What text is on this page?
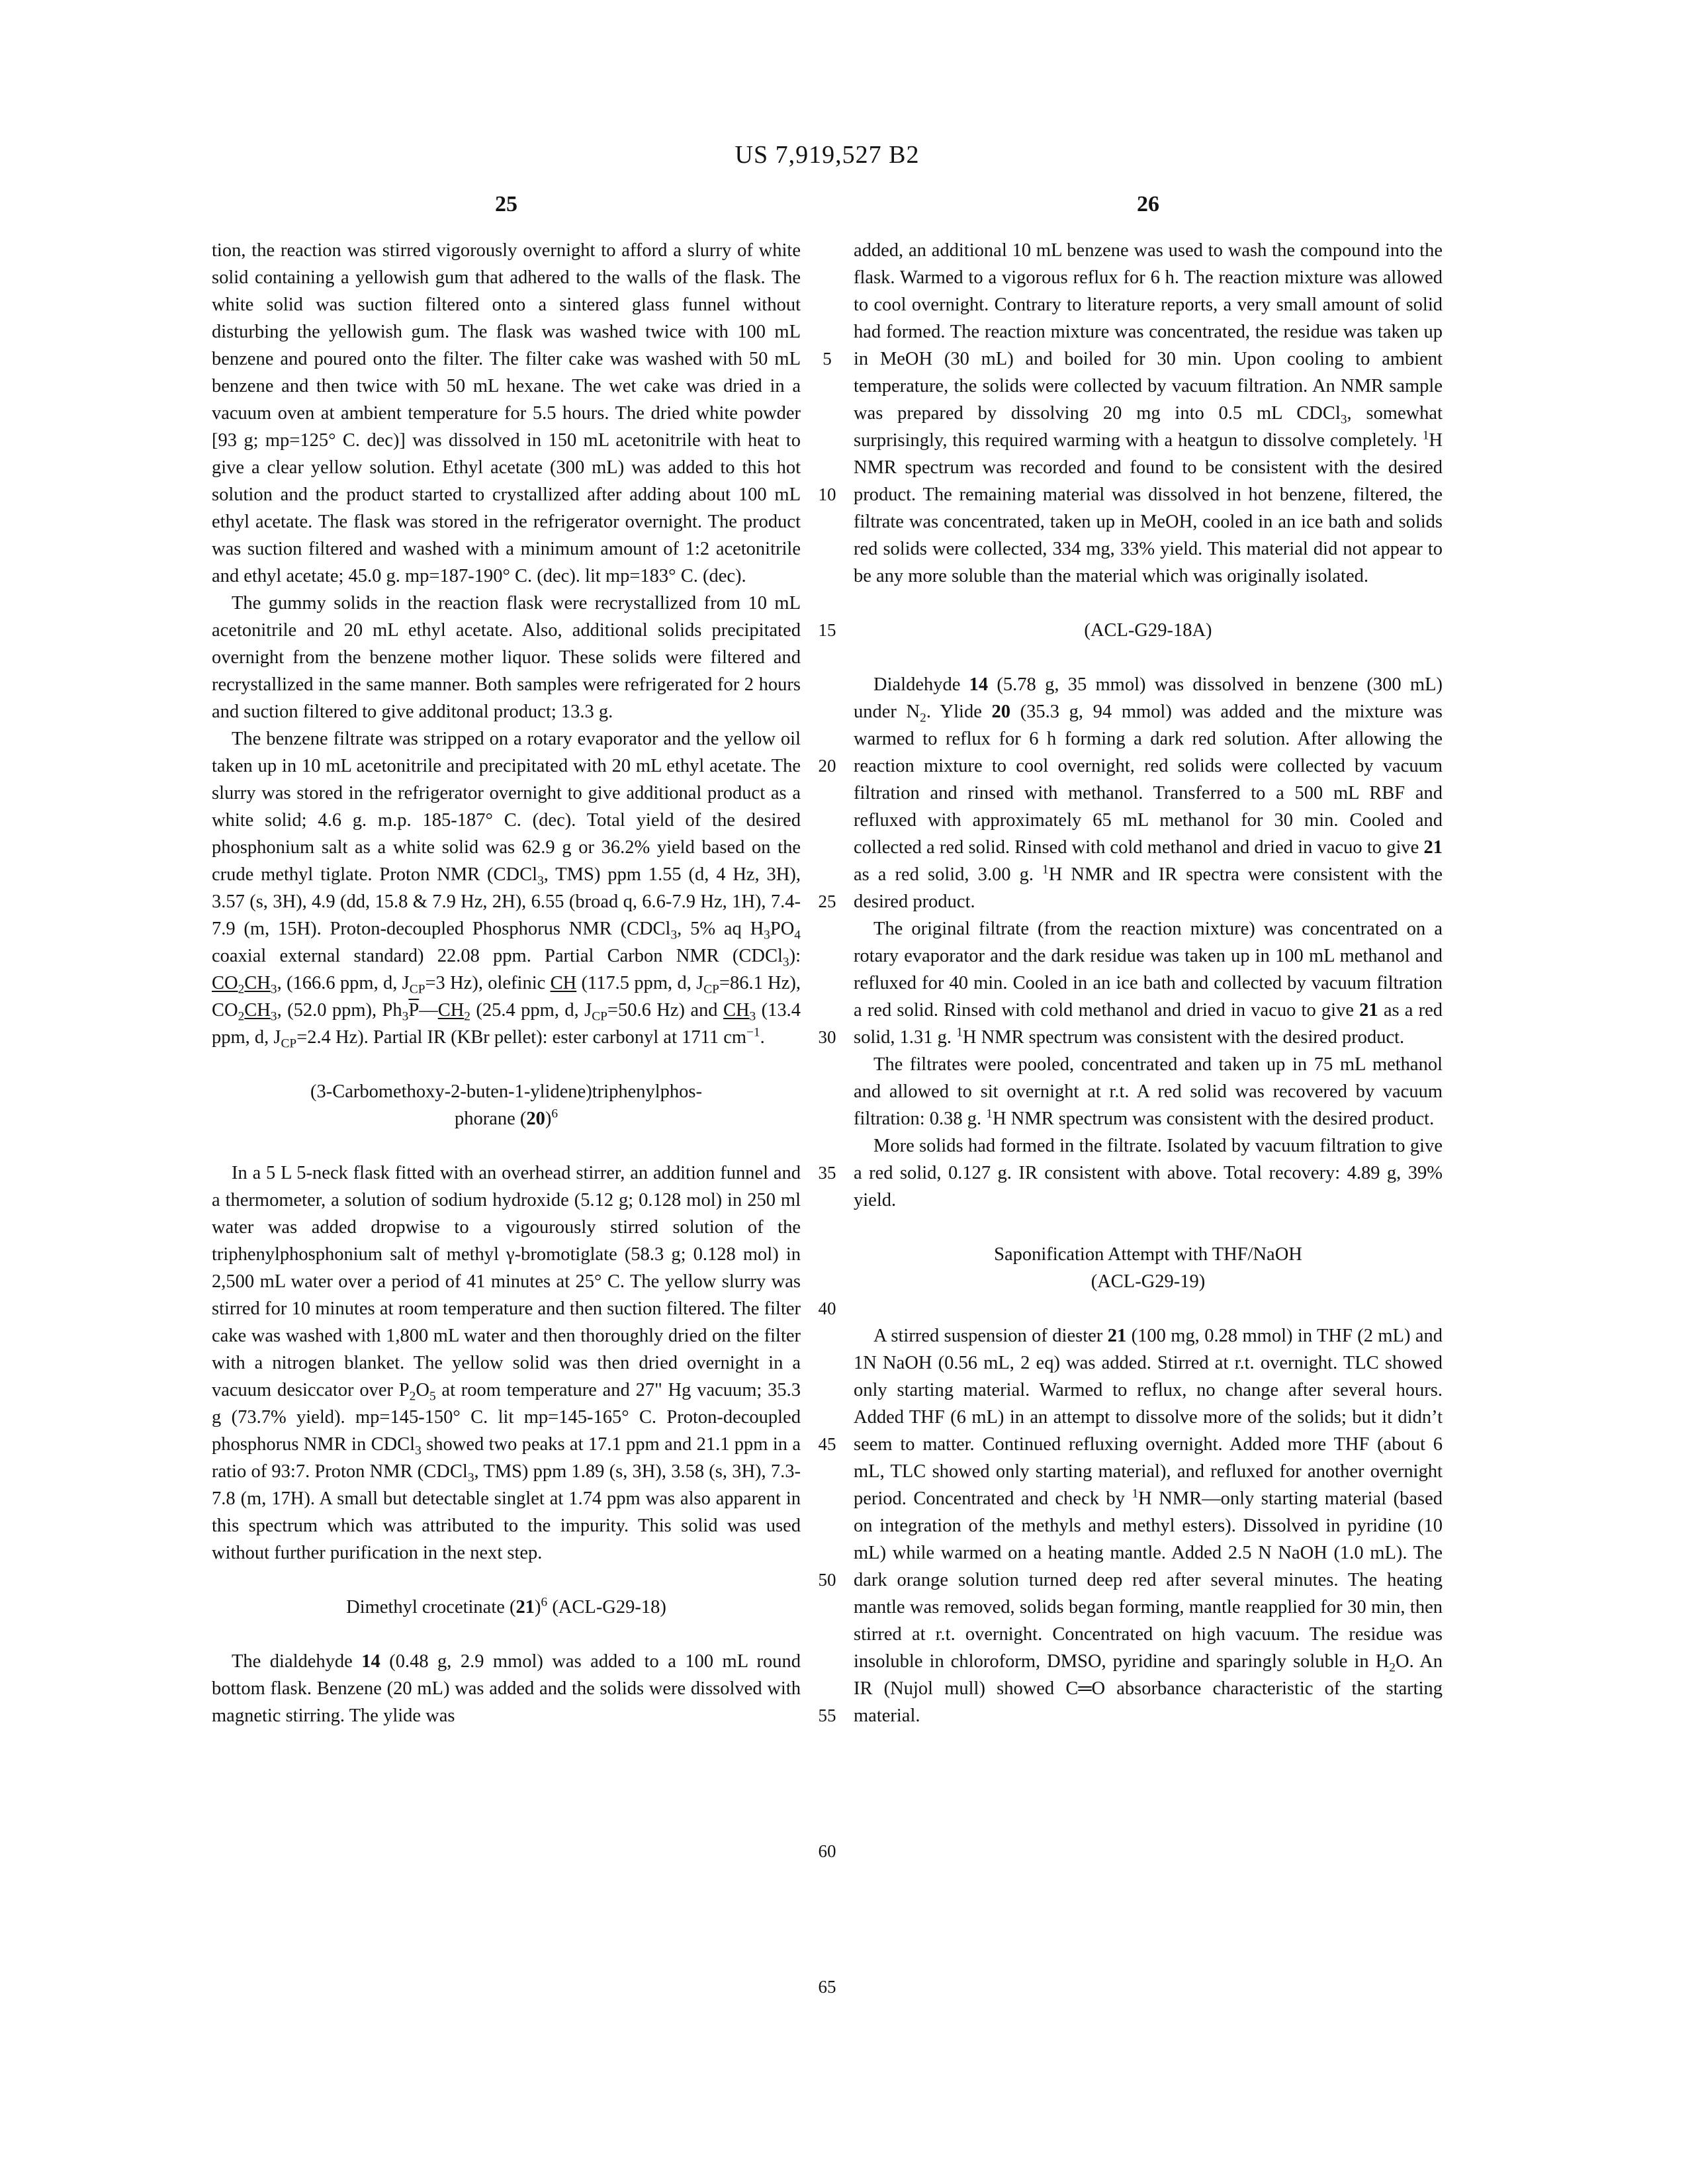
US 7,919,527 B2
25	26
tion, the reaction was stirred vigorously overnight to afford a slurry of white solid containing a yellowish gum that adhered to the walls of the flask. The white solid was suction filtered onto a sintered glass funnel without disturbing the yellowish gum. The flask was washed twice with 100 mL benzene and poured onto the filter. The filter cake was washed with 50 mL benzene and then twice with 50 mL hexane. The wet cake was dried in a vacuum oven at ambient temperature for 5.5 hours. The dried white powder [93 g; mp=125° C. dec)] was dissolved in 150 mL acetonitrile with heat to give a clear yellow solution. Ethyl acetate (300 mL) was added to this hot solution and the product started to crystallized after adding about 100 mL ethyl acetate. The flask was stored in the refrigerator overnight. The product was suction filtered and washed with a minimum amount of 1:2 acetonitrile and ethyl acetate; 45.0 g. mp=187-190° C. (dec). lit mp=183° C. (dec).
The gummy solids in the reaction flask were recrystallized from 10 mL acetonitrile and 20 mL ethyl acetate. Also, additional solids precipitated overnight from the benzene mother liquor. These solids were filtered and recrystallized in the same manner. Both samples were refrigerated for 2 hours and suction filtered to give additonal product; 13.3 g.
The benzene filtrate was stripped on a rotary evaporator and the yellow oil taken up in 10 mL acetonitrile and precipitated with 20 mL ethyl acetate. The slurry was stored in the refrigerator overnight to give additional product as a white solid; 4.6 g. m.p. 185-187° C. (dec). Total yield of the desired phosphonium salt as a white solid was 62.9 g or 36.2% yield based on the crude methyl tiglate. Proton NMR (CDCl$_3$, TMS) ppm 1.55 (d, 4 Hz, 3H), 3.57 (s, 3H), 4.9 (dd, 15.8 & 7.9 Hz, 2H), 6.55 (broad q, 6.6-7.9 Hz, 1H), 7.4-7.9 (m, 15H). Proton-decoupled Phosphorus NMR (CDCl$_3$, 5% aq $H_3PO_4$ coaxial external standard) 22.08 ppm. Partial Carbon NMR (CDCl$_3$): $CO_2CH_3$, (166.6 ppm, d, $J_{CP}=3$ Hz), olefinic CH (117.5 ppm, d, $J_{CP}=86.1$ Hz), $CO_2CH_3$, (52.0 ppm), $Ph_3\overline{P}—CH_2$ (25.4 ppm, d, $J_{CP}=50.6$ Hz) and $CH_3$ (13.4 ppm, d, $J_{CP}=2.4$ Hz). Partial IR (KBr pellet): ester carbonyl at 1711 $cm^{-1}$.
(3-Carbomethoxy-2-buten-1-ylidene)triphenylphos-
phorane $(20)^6$
In a 5 L 5-neck flask fitted with an overhead stirrer, an addition funnel and a thermometer, a solution of sodium hydroxide (5.12 g; 0.128 mol) in 250 ml water was added dropwise to a vigourously stirred solution of the triphenylphosphonium salt of methyl γ-bromotiglate (58.3 g; 0.128 mol) in 2,500 mL water over a period of 41 minutes at 25° C. The yellow slurry was stirred for 10 minutes at room temperature and then suction filtered. The filter cake was washed with 1,800 mL water and then thoroughly dried on the filter with a nitrogen blanket. The yellow solid was then dried overnight in a vacuum desiccator over $P_2O_5$ at room temperature and 27" Hg vacuum; 35.3 g (73.7% yield). mp=145-150° C. lit mp=145-165° C. Proton-decoupled phosphorus NMR in CDCl$_3$ showed two peaks at 17.1 ppm and 21.1 ppm in a ratio of 93:7. Proton NMR (CDCl$_3$, TMS) ppm 1.89 (s, 3H), 3.58 (s, 3H), 7.3-7.8 (m, 17H). A small but detectable singlet at 1.74 ppm was also apparent in this spectrum which was attributed to the impurity. This solid was used without further purification in the next step.
Dimethyl crocetinate $(21)^6$ (ACL-G29-18)
The dialdehyde 14 (0.48 g, 2.9 mmol) was added to a 100 mL round bottom flask. Benzene (20 mL) was added and the solids were dissolved with magnetic stirring. The ylide was
5
10
15
20
25
30
35
40
45
50
55
60
65
added, an additional 10 mL benzene was used to wash the compound into the flask. Warmed to a vigorous reflux for 6 h. The reaction mixture was allowed to cool overnight. Contrary to literature reports, a very small amount of solid had formed. The reaction mixture was concentrated, the residue was taken up in MeOH (30 mL) and boiled for 30 min. Upon cooling to ambient temperature, the solids were collected by vacuum filtration. An NMR sample was prepared by dissolving 20 mg into 0.5 mL CDCl$_3$, somewhat surprisingly, this required warming with a heatgun to dissolve completely. $^1$H NMR spectrum was recorded and found to be consistent with the desired product. The remaining material was dissolved in hot benzene, filtered, the filtrate was concentrated, taken up in MeOH, cooled in an ice bath and solids red solids were collected, 334 mg, 33% yield. This material did not appear to be any more soluble than the material which was originally isolated.
(ACL-G29-18A)
Dialdehyde 14 (5.78 g, 35 mmol) was dissolved in benzene (300 mL) under $N_2$. Ylide 20 (35.3 g, 94 mmol) was added and the mixture was warmed to reflux for 6 h forming a dark red solution. After allowing the reaction mixture to cool overnight, red solids were collected by vacuum filtration and rinsed with methanol. Transferred to a 500 mL RBF and refluxed with approximately 65 mL methanol for 30 min. Cooled and collected a red solid. Rinsed with cold methanol and dried in vacuo to give 21 as a red solid, 3.00 g. $^1$H NMR and IR spectra were consistent with the desired product.
The original filtrate (from the reaction mixture) was concentrated on a rotary evaporator and the dark residue was taken up in 100 mL methanol and refluxed for 40 min. Cooled in an ice bath and collected by vacuum filtration a red solid. Rinsed with cold methanol and dried in vacuo to give 21 as a red solid, 1.31 g. $^1$H NMR spectrum was consistent with the desired product.
The filtrates were pooled, concentrated and taken up in 75 mL methanol and allowed to sit overnight at r.t. A red solid was recovered by vacuum filtration: 0.38 g. $^1$H NMR spectrum was consistent with the desired product.
More solids had formed in the filtrate. Isolated by vacuum filtration to give a red solid, 0.127 g. IR consistent with above. Total recovery: 4.89 g, 39% yield.
Saponification Attempt with THF/NaOH
(ACL-G29-19)
A stirred suspension of diester 21 (100 mg, 0.28 mmol) in THF (2 mL) and 1N NaOH (0.56 mL, 2 eq) was added. Stirred at r.t. overnight. TLC showed only starting material. Warmed to reflux, no change after several hours. Added THF (6 mL) in an attempt to dissolve more of the solids; but it didn’t seem to matter. Continued refluxing overnight. Added more THF (about 6 mL, TLC showed only starting material), and refluxed for another overnight period. Concentrated and check by $^1$H NMR—only starting material (based on integration of the methyls and methyl esters). Dissolved in pyridine (10 mL) while warmed on a heating mantle. Added 2.5 N NaOH (1.0 mL). The dark orange solution turned deep red after several minutes. The heating mantle was removed, solids began forming, mantle reapplied for 30 min, then stirred at r.t. overnight. Concentrated on high vacuum. The residue was insoluble in chloroform, DMSO, pyridine and sparingly soluble in $H_2O$. An IR (Nujol mull) showed C═O absorbance characteristic of the starting material.
